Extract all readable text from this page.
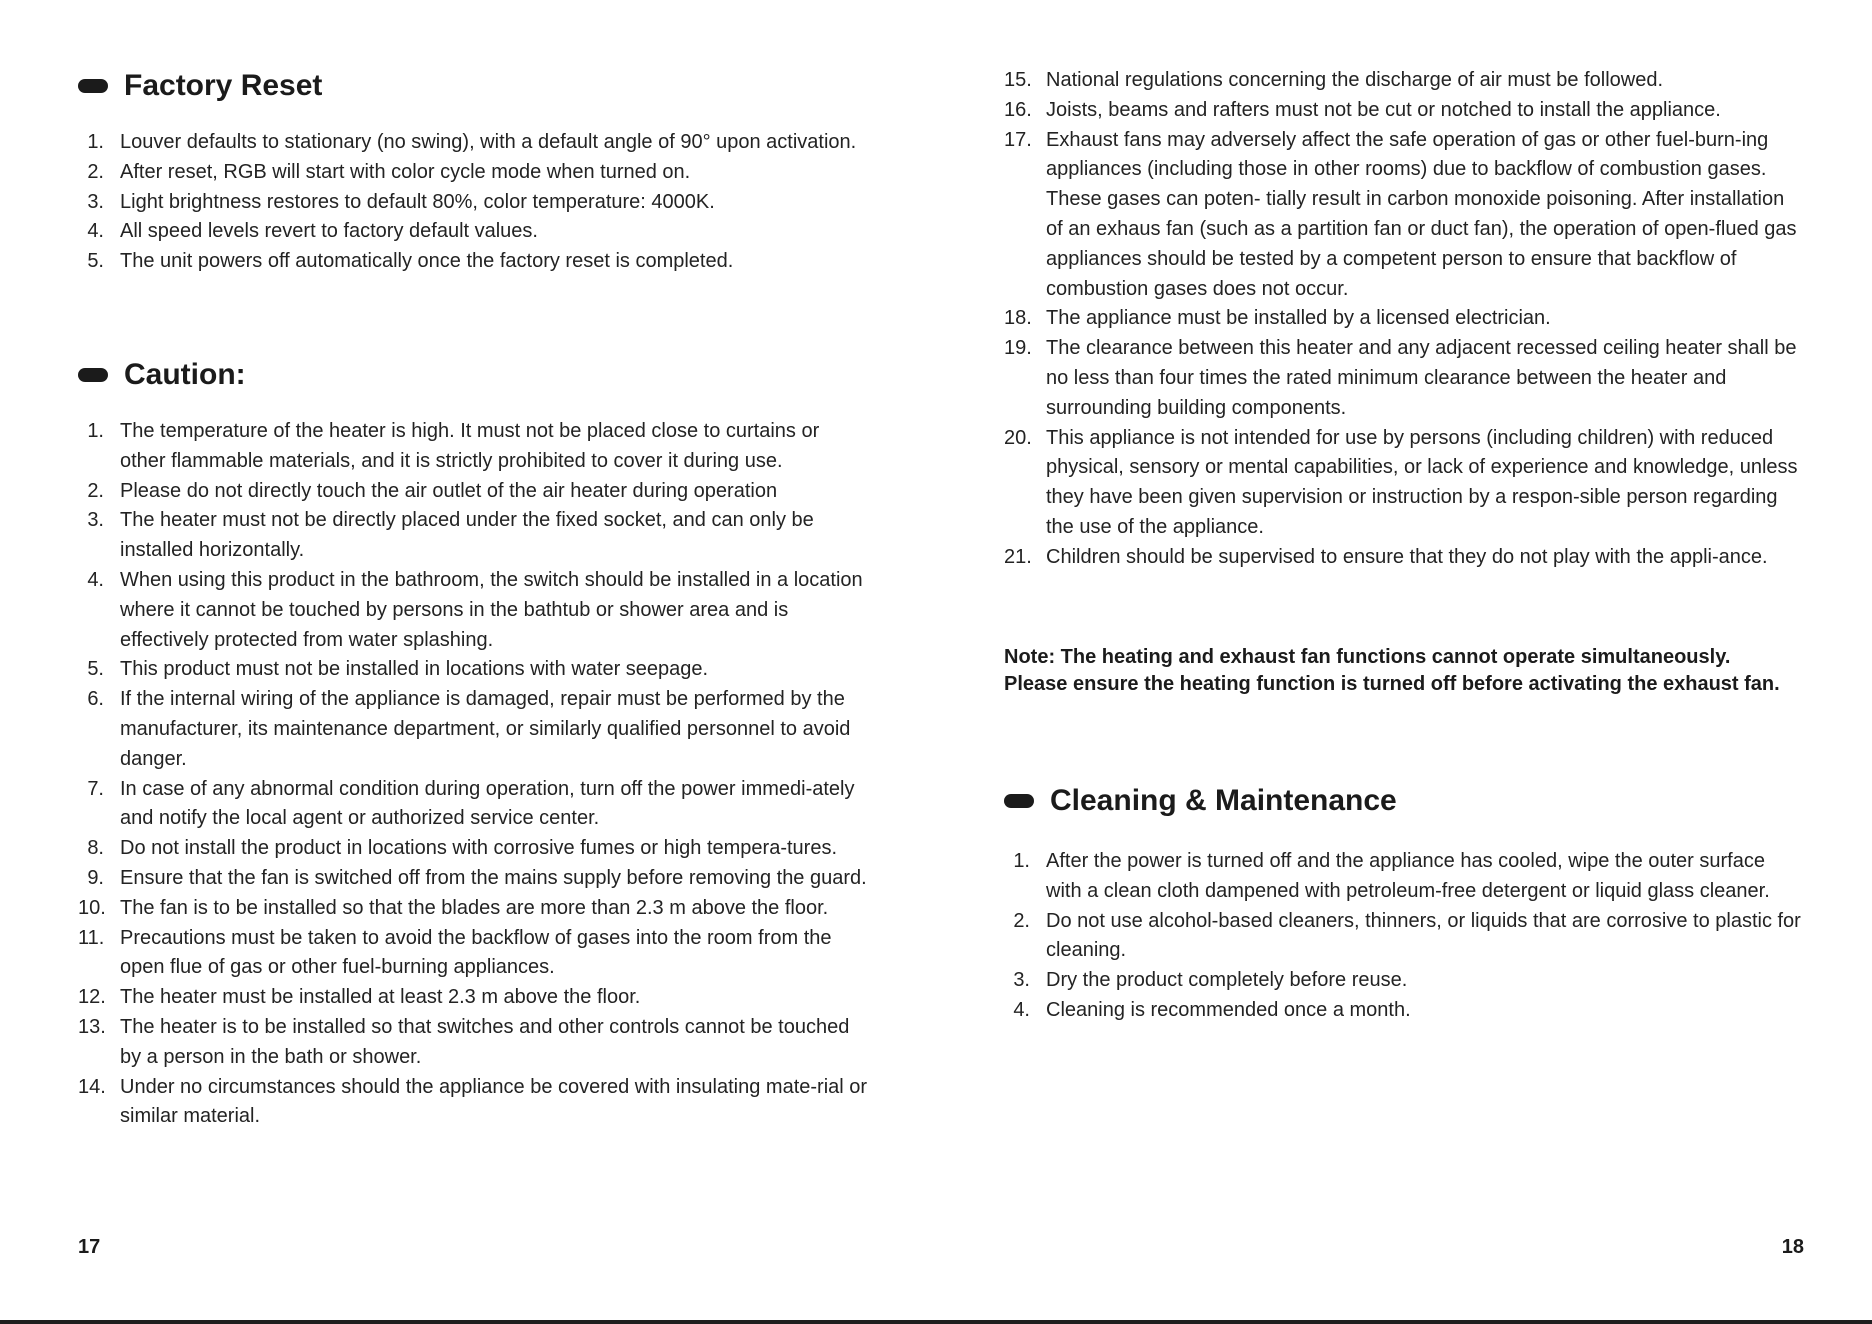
Factory Reset
1. Louver defaults to stationary (no swing), with a default angle of 90° upon activation.
2. After reset, RGB will start with color cycle mode when turned on.
3. Light brightness restores to default 80%, color temperature: 4000K.
4. All speed levels revert to factory default values.
5. The unit powers off automatically once the factory reset is completed.
Caution:
1. The temperature of the heater is high. It must not be placed close to curtains or other flammable materials, and it is strictly prohibited to cover it during use.
2. Please do not directly touch the air outlet of the air heater during operation
3. The heater must not be directly placed under the fixed socket, and can only be installed horizontally.
4. When using this product in the bathroom, the switch should be installed in a location where it cannot be touched by persons in the bathtub or shower area and is effectively protected from water splashing.
5. This product must not be installed in locations with water seepage.
6. If the internal wiring of the appliance is damaged, repair must be performed by the manufacturer, its maintenance department, or similarly qualified personnel to avoid danger.
7. In case of any abnormal condition during operation, turn off the power immedi-ately and notify the local agent or authorized service center.
8. Do not install the product in locations with corrosive fumes or high tempera-tures.
9. Ensure that the fan is switched off from the mains supply before removing the guard.
10. The fan is to be installed so that the blades are more than 2.3 m above the floor.
11. Precautions must be taken to avoid the backflow of gases into the room from the open flue of gas or other fuel-burning appliances.
12. The heater must be installed at least 2.3 m above the floor.
13. The heater is to be installed so that switches and other controls cannot be touched by a person in the bath or shower.
14. Under no circumstances should the appliance be covered with insulating mate-rial or similar material.
17
15. National regulations concerning the discharge of air must be followed.
16. Joists, beams and rafters must not be cut or notched to install the appliance.
17. Exhaust fans may adversely affect the safe operation of gas or other fuel-burn-ing appliances (including those in other rooms) due to backflow of combustion gases. These gases can poten- tially result in carbon monoxide poisoning. After installation of an exhaus fan (such as a partition fan or duct fan), the operation of open-flued gas appliances should be tested by a competent person to ensure that backflow of combustion gases does not occur.
18. The appliance must be installed by a licensed electrician.
19. The clearance between this heater and any adjacent recessed ceiling heater shall be no less than four times the rated minimum clearance between the heater and surrounding building components.
20. This appliance is not intended for use by persons (including children) with reduced physical, sensory or mental capabilities, or lack of experience and knowledge, unless they have been given supervision or instruction by a respon-sible person regarding the use of the appliance.
21. Children should be supervised to ensure that they do not play with the appli-ance.

Note: The heating and exhaust fan functions cannot operate simultaneously. Please ensure the heating function is turned off before activating the exhaust fan.

Cleaning & Maintenance
1. After the power is turned off and the appliance has cooled, wipe the outer surface with a clean cloth dampened with petroleum-free detergent or liquid glass cleaner.
2. Do not use alcohol-based cleaners, thinners, or liquids that are corrosive to plastic for cleaning.
3. Dry the product completely before reuse.
4. Cleaning is recommended once a month.
18
